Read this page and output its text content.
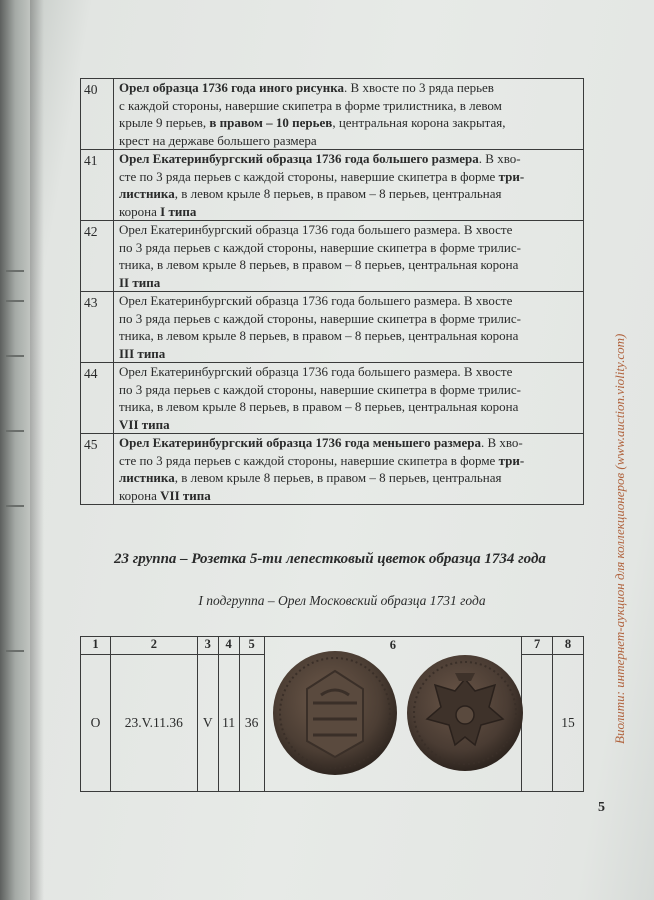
40	Орел образца 1736 года иного рисунка. В хвосте по 3 ряда перьев
с каждой стороны, навершие скипетра в форме трилистника, в левом
крыле 9 перьев, в правом – 10 перьев, центральная корона закрытая,
крест на державе большего размера

41	Орел Екатеринбургский образца 1736 года большего размера. В хво-
сте по 3 ряда перьев с каждой стороны, навершие скипетра в форме три-
листника, в левом крыле 8 перьев, в правом – 8 перьев, центральная
корона I типа

42	Орел Екатеринбургский образца 1736 года большего размера. В хвосте
по 3 ряда перьев с каждой стороны, навершие скипетра в форме трилис-
тника, в левом крыле 8 перьев, в правом – 8 перьев, центральная корона
II типа

43	Орел Екатеринбургский образца 1736 года большего размера. В хвосте
по 3 ряда перьев с каждой стороны, навершие скипетра в форме трилис-
тника, в левом крыле 8 перьев, в правом – 8 перьев, центральная корона
III типа

44	Орел Екатеринбургский образца 1736 года большего размера. В хвосте
по 3 ряда перьев с каждой стороны, навершие скипетра в форме трилис-
тника, в левом крыле 8 перьев, в правом – 8 перьев, центральная корона
VII типа

45	Орел Екатеринбургский образца 1736 года меньшего размера. В хво-
сте по 3 ряда перьев с каждой стороны, навершие скипетра в форме три-
листника, в левом крыле 8 перьев, в правом – 8 перьев, центральная
корона VII типа
23 группа – Розетка 5-ти лепестковый цветок образца 1734 года
I подгруппа – Орел Московский образца 1731 года
1	2	3	4	5	6	7	8
О	23.V.11.36	V	11	36			15	Виолити: интернет-аукцион для коллекционеров (www.auction.violity.com)
5
